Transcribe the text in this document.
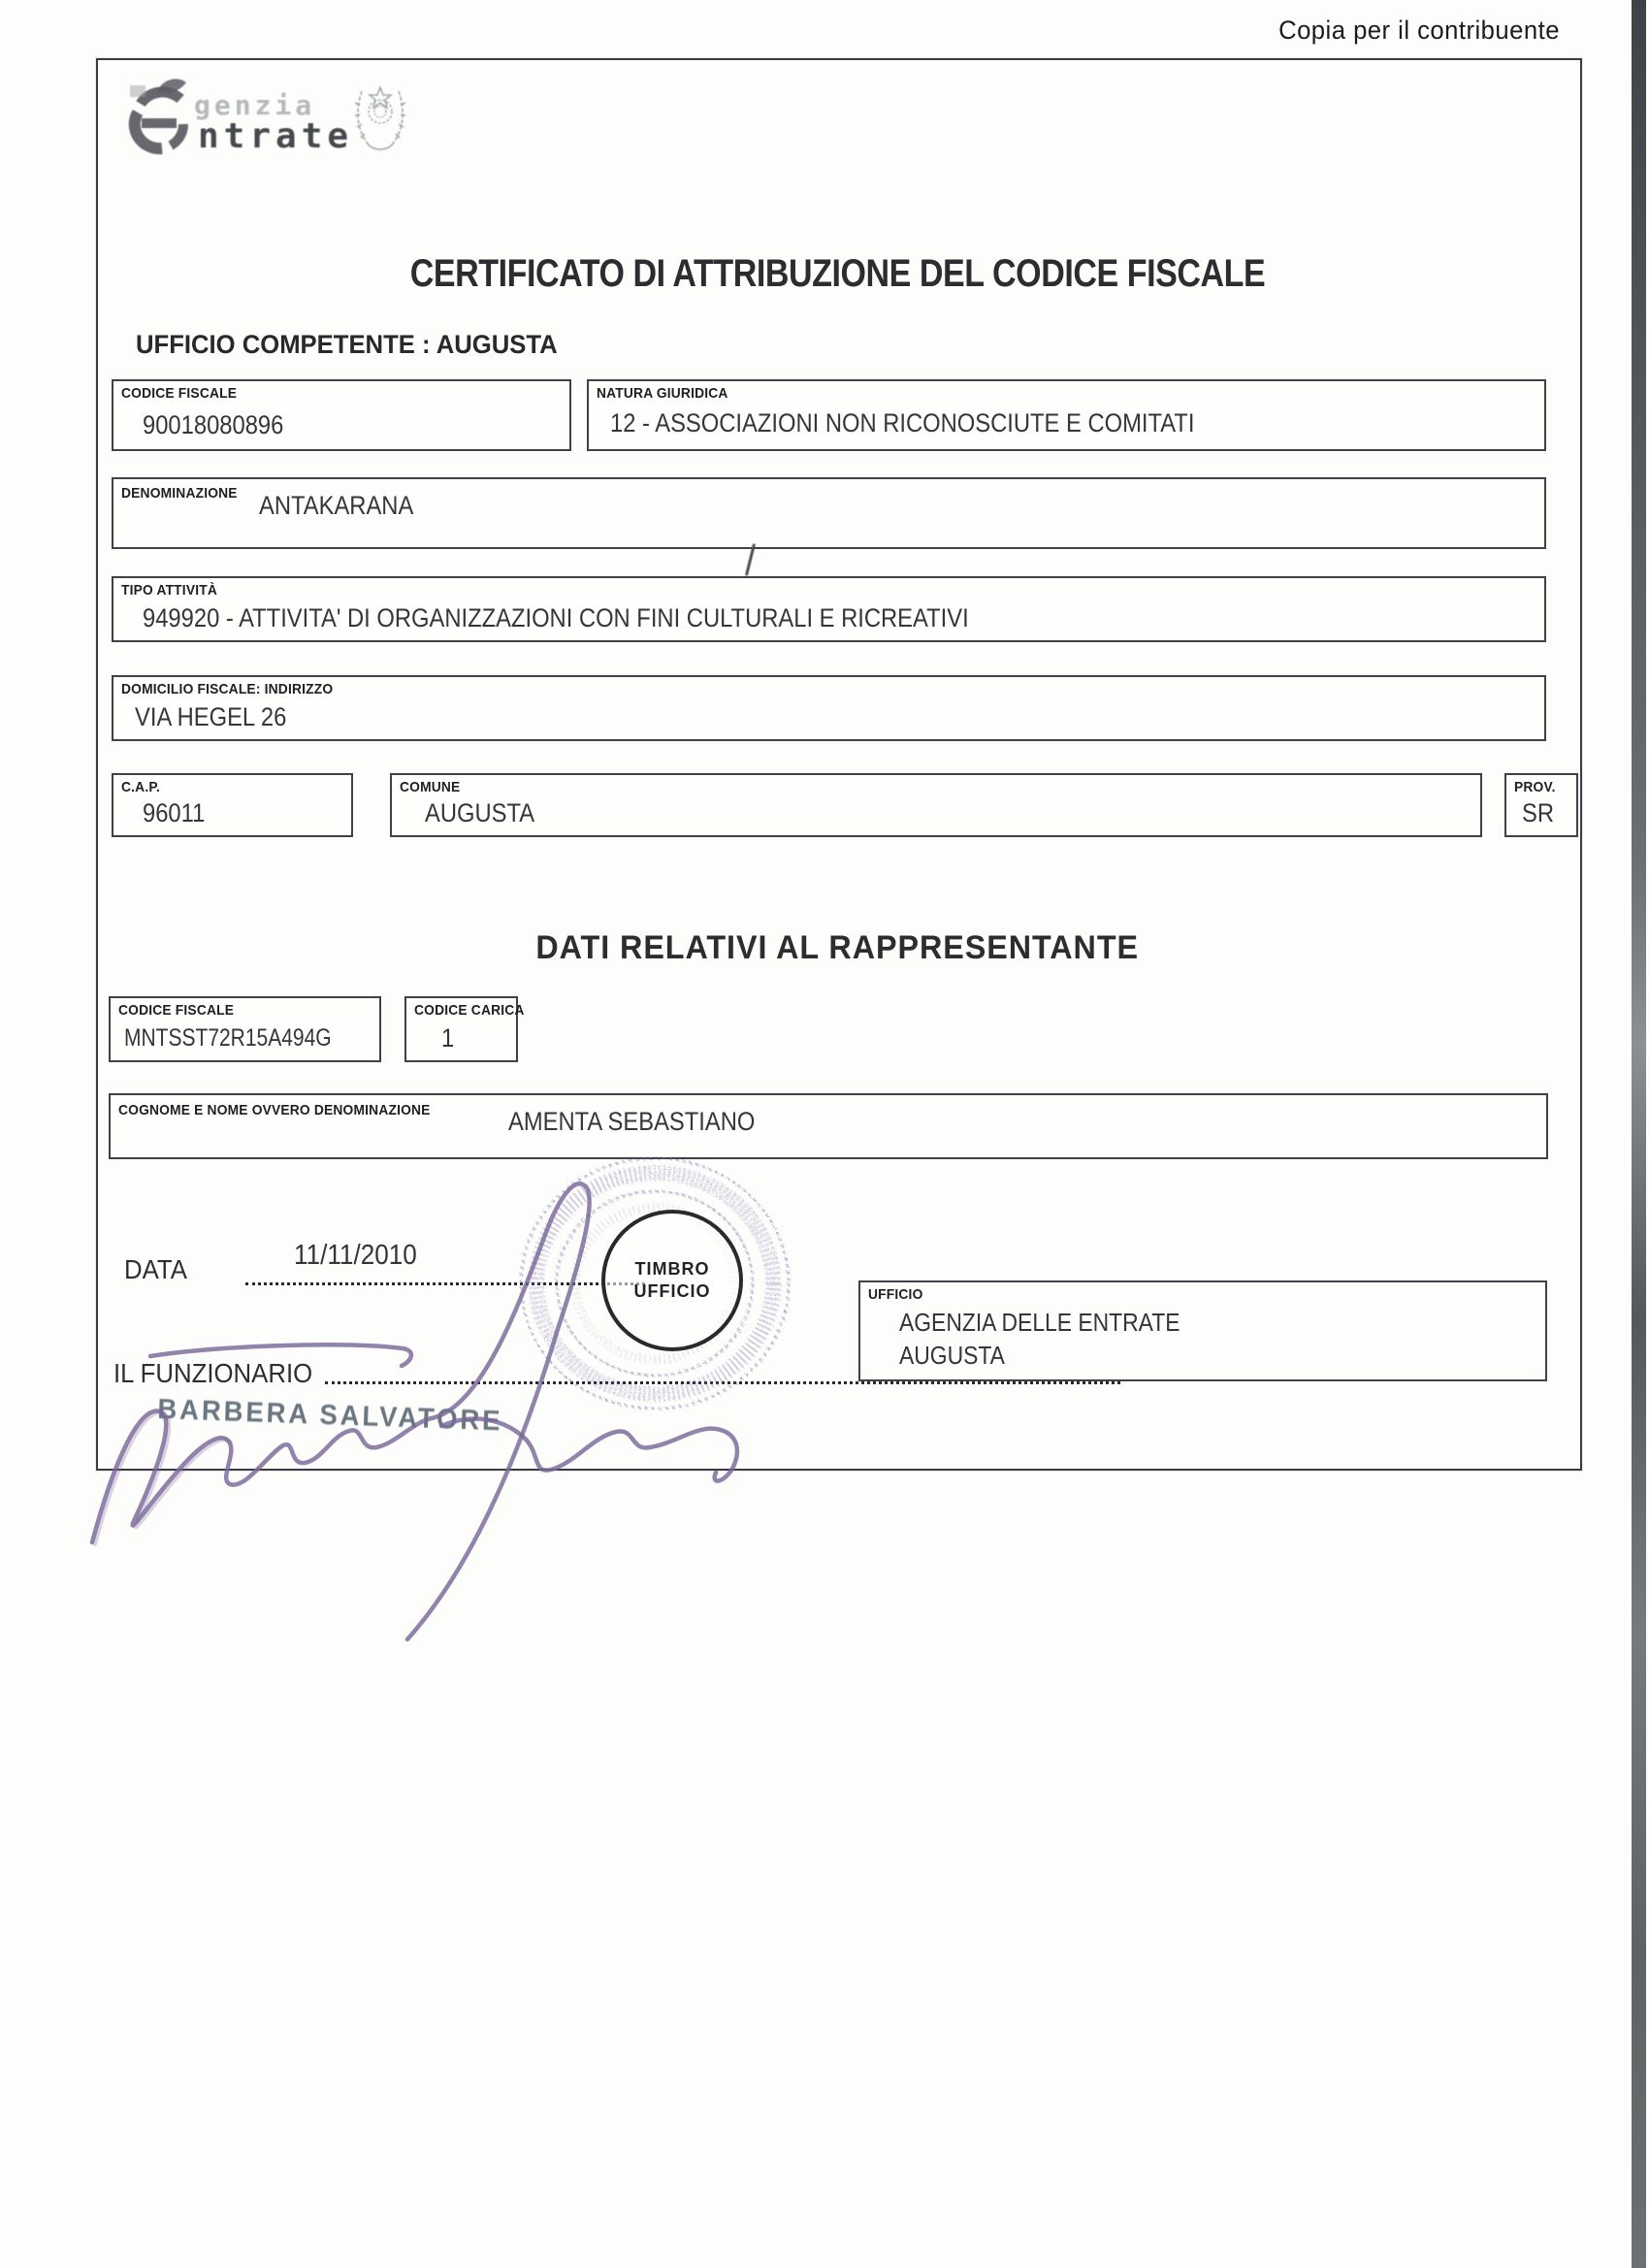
Copia per il contribuente
genzia
ntrate
CERTIFICATO DI ATTRIBUZIONE DEL CODICE FISCALE
UFFICIO COMPETENTE : AUGUSTA
CODICE FISCALE
90018080896
NATURA GIURIDICA
12 - ASSOCIAZIONI NON RICONOSCIUTE E COMITATI
DENOMINAZIONE ANTAKARANA
TIPO ATTIVITÀ
949920 - ATTIVITA' DI ORGANIZZAZIONI CON FINI CULTURALI E RICREATIVI
DOMICILIO FISCALE: INDIRIZZO
VIA HEGEL 26
C.A.P.
96011
COMUNE
AUGUSTA
PROV.
SR
DATI RELATIVI AL RAPPRESENTANTE
CODICE FISCALE
MNTSST72R15A494G
CODICE CARICA
1
COGNOME E NOME OVVERO DENOMINAZIONE	AMENTA SEBASTIANO
DATA	11/11/2010
IL FUNZIONARIO
BARBERA SALVATORE
TIMBRO
UFFICIO	UFFICIO
AGENZIA DELLE ENTRATE
AUGUSTA
